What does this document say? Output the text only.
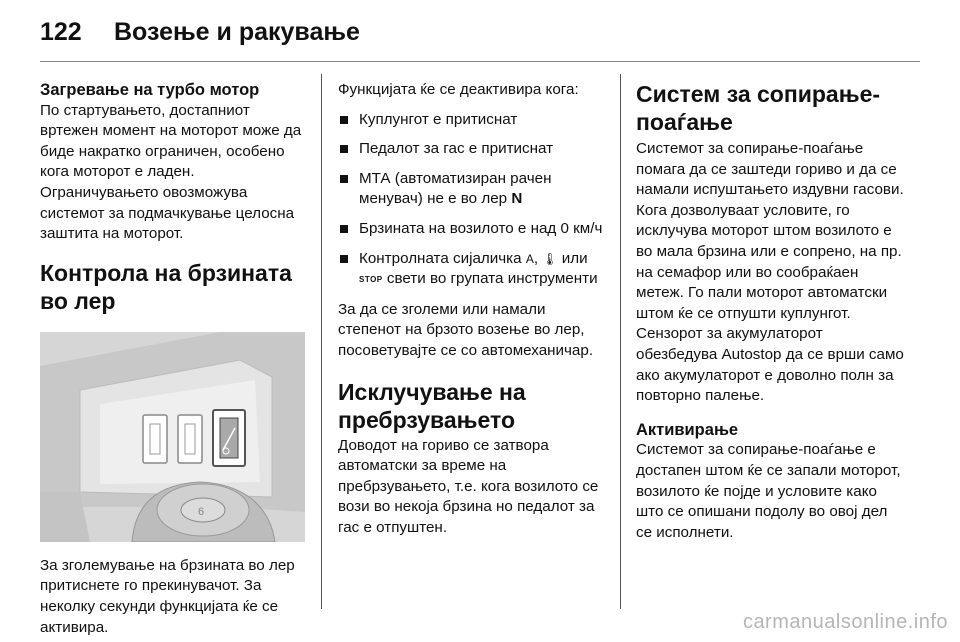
122	Возење и ракување

Загревање на турбо мотор

По стартувањето, достапниот вртежен момент на моторот може да биде накратко ограничен, особено кога моторот е ладен. Ограничувањето овозможува системот за подмачкување целосна заштита на моторот.

Контрола на брзината во лер

6

За зголемување на брзината во лер притиснете го прекинувачот. За неколку секунди функцијата ќе се активира.

Функцијата ќе се деактивира кога:

Куплунгот е притиснат
Педалот за гас е притиснат
МТА (автоматизиран рачен менувач) не е во лер N
Брзината на возилото е над 0 км/ч
Контролната сијаличка A, 🌡 или STOP свети во групата инструменти

За да се зголеми или намали степенот на брзото возење во лер, посоветувајте се со автомеханичар.

Исклучување на пребрзувањето

Доводот на гориво се затвора автоматски за време на пребрзувањето, т.е. кога возилото се вози во некоја брзина но педалот за гас е отпуштен.

Систем за сопирање-поаѓање

Системот за сопирање-поаѓање помага да се заштеди гориво и да се намали испуштањето издувни гасови. Кога дозволуваат условите, го исклучува моторот штом возилото е во мала брзина или е сопрено, на пр. на семафор или во сообраќаен метеж. Го пали моторот автоматски штом ќе се отпушти куплунгот. Сензорот за акумулаторот обезбедува Autostop да се врши само ако акумулаторот е доволно полн за повторно палење.

Активирање

Системот за сопирање-поаѓање е достапен штом ќе се запали моторот, возилото ќе појде и условите како што се опишани подолу во овој дел се исполнети.

carmanualsonline.info
